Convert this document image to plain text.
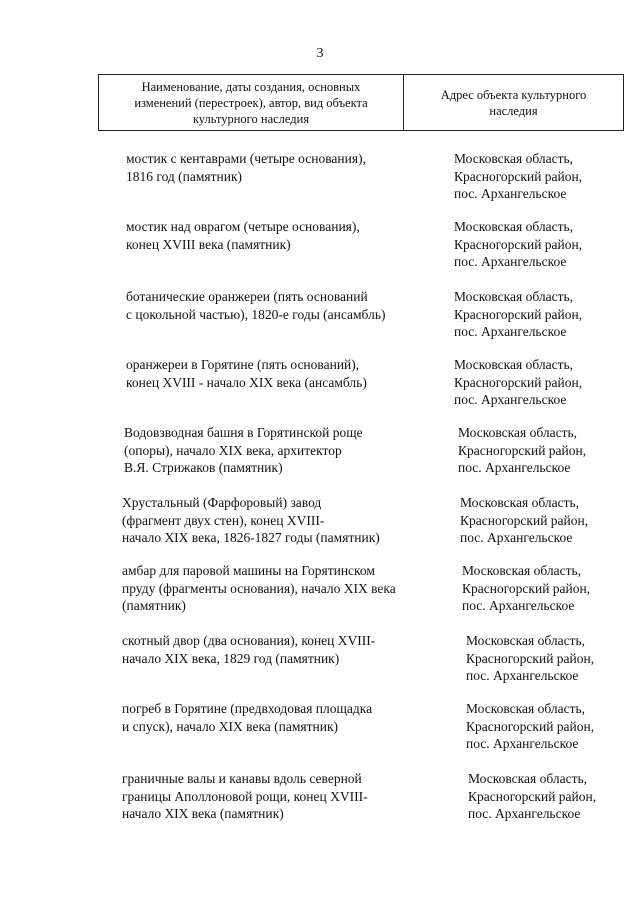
3
Наименование, даты создания, основных
изменений (перестроек), автор, вид объекта
культурного наследия
Адрес объекта культурного
наследия
мостик с кентаврами (четыре основания),
1816 год (памятник)
Московская область,
Красногорский район,
пос. Архангельское
мостик над оврагом (четыре основания),
конец XVIII века (памятник)
Московская область,
Красногорский район,
пос. Архангельское
ботанические оранжереи (пять оснований
с цокольной частью), 1820-е годы (ансамбль)
Московская область,
Красногорский район,
пос. Архангельское
оранжереи в Горятине (пять оснований),
конец XVIII - начало XIX века (ансамбль)
Московская область,
Красногорский район,
пос. Архангельское
Водовзводная башня в Горятинской роще
(опоры), начало XIX века, архитектор
В.Я. Стрижаков (памятник)
Московская область,
Красногорский район,
пос. Архангельское
Хрустальный (Фарфоровый) завод
(фрагмент двух стен), конец XVIII-
начало XIX века, 1826-1827 годы (памятник)
Московская область,
Красногорский район,
пос. Архангельское
амбар для паровой машины на Горятинском
пруду (фрагменты основания), начало XIX века
(памятник)
Московская область,
Красногорский район,
пос. Архангельское
скотный двор (два основания), конец XVIII-
начало XIX века, 1829 год (памятник)
Московская область,
Красногорский район,
пос. Архангельское
погреб в Горятине (предвходовая площадка
и спуск), начало XIX века (памятник)
Московская область,
Красногорский район,
пос. Архангельское
граничные валы и канавы вдоль северной
границы Аполлоновой рощи, конец XVIII-
начало XIX века (памятник)
Московская область,
Красногорский район,
пос. Архангельское
